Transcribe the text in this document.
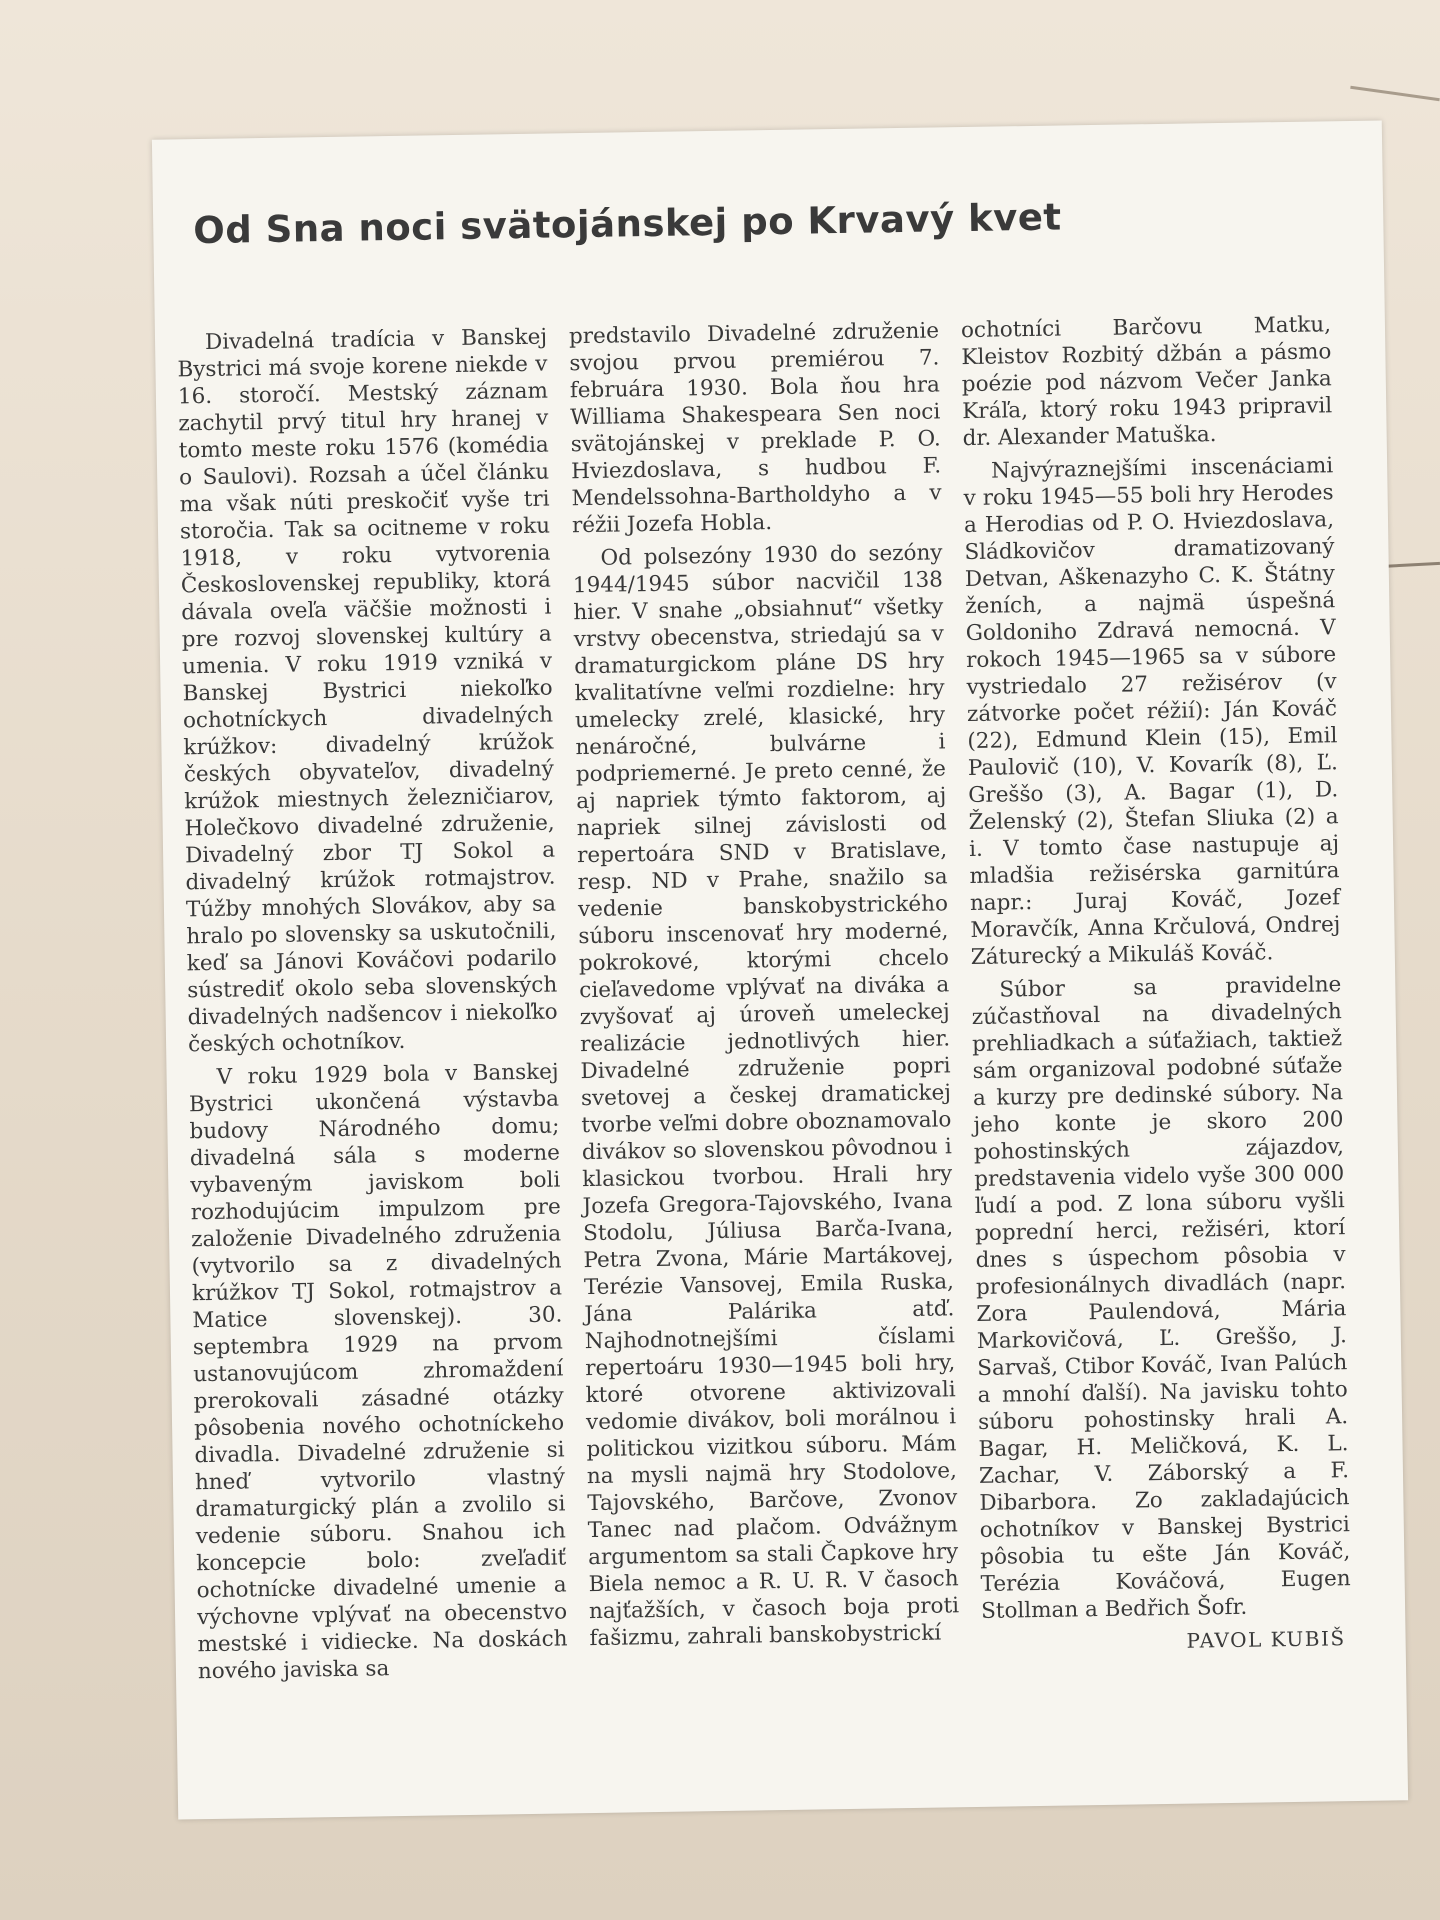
Od Sna noci svätojánskej po Krvavý kvet

Divadelná tradícia v Banskej Bystrici má svoje korene niekde v 16. storočí. Mestský záznam zachytil prvý titul hry hranej v tomto meste roku 1576 (komédia o Saulovi). Rozsah a účel článku ma však núti preskočiť vyše tri storočia. Tak sa ocitneme v roku 1918, v roku vytvorenia Československej republiky, ktorá dávala oveľa väčšie možnosti i pre rozvoj slovenskej kultúry a umenia. V roku 1919 vzniká v Banskej Bystrici niekoľko ochotníckych divadelných krúžkov: divadelný krúžok českých obyvateľov, divadelný krúžok miestnych železničiarov, Holečkovo divadelné združenie, Divadelný zbor TJ Sokol a divadelný krúžok rotmajstrov. Túžby mnohých Slovákov, aby sa hralo po slovensky sa uskutočnili, keď sa Jánovi Kováčovi podarilo sústrediť okolo seba slovenských divadelných nadšencov i niekoľko českých ochotníkov.

V roku 1929 bola v Banskej Bystrici ukončená výstavba budovy Národného domu; divadelná sála s moderne vybaveným javiskom boli rozhodujúcim impulzom pre založenie Divadelného združenia (vytvorilo sa z divadelných krúžkov TJ Sokol, rotmajstrov a Matice slovenskej). 30. septembra 1929 na prvom ustanovujúcom zhromaždení prerokovali zásadné otázky pôsobenia nového ochotníckeho divadla. Divadelné združenie si hneď vytvorilo vlastný dramaturgický plán a zvolilo si vedenie súboru. Snahou ich koncepcie bolo: zveľadiť ochotnícke divadelné umenie a výchovne vplývať na obecenstvo mestské i vidiecke. Na doskách nového javiska sa

predstavilo Divadelné združenie svojou prvou premiérou 7. februára 1930. Bola ňou hra Williama Shakespeara Sen noci svätojánskej v preklade P. O. Hviezdoslava, s hudbou F. Mendelssohna-Bartholdyho a v réžii Jozefa Hobla.

Od polsezóny 1930 do sezóny 1944/1945 súbor nacvičil 138 hier. V snahe „obsiahnuť“ všetky vrstvy obecenstva, striedajú sa v dramaturgickom pláne DS hry kvalitatívne veľmi rozdielne: hry umelecky zrelé, klasické, hry nenáročné, bulvárne i podpriemerné. Je preto cenné, že aj napriek týmto faktorom, aj napriek silnej závislosti od repertoára SND v Bratislave, resp. ND v Prahe, snažilo sa vedenie banskobystrického súboru inscenovať hry moderné, pokrokové, ktorými chcelo cieľavedome vplývať na diváka a zvyšovať aj úroveň umeleckej realizácie jednotlivých hier. Divadelné združenie popri svetovej a českej dramatickej tvorbe veľmi dobre oboznamovalo divákov so slovenskou pôvodnou i klasickou tvorbou. Hrali hry Jozefa Gregora-Tajovského, Ivana Stodolu, Júliusa Barča-Ivana, Petra Zvona, Márie Martákovej, Terézie Vansovej, Emila Ruska, Jána Palárika atď. Najhodnotnejšími číslami repertoáru 1930—1945 boli hry, ktoré otvorene aktivizovali vedomie divákov, boli morálnou i politickou vizitkou súboru. Mám na mysli najmä hry Stodolove, Tajovského, Barčove, Zvonov Tanec nad plačom. Odvážnym argumentom sa stali Čapkove hry Biela nemoc a R. U. R. V časoch najťažších, v časoch boja proti fašizmu, zahrali banskobystrickí

ochotníci Barčovu Matku, Kleistov Rozbitý džbán a pásmo poézie pod názvom Večer Janka Kráľa, ktorý roku 1943 pripravil dr. Alexander Matuška.

Najvýraznejšími inscenáciami v roku 1945—55 boli hry Herodes a Herodias od P. O. Hviezdoslava, Sládkovičov dramatizovaný Detvan, Aškenazyho C. K. Štátny ženích, a najmä úspešná Goldoniho Zdravá nemocná. V rokoch 1945—1965 sa v súbore vystriedalo 27 režisérov (v zátvorke počet réžií): Ján Kováč (22), Edmund Klein (15), Emil Paulovič (10), V. Kovarík (8), Ľ. Greššo (3), A. Bagar (1), D. Želenský (2), Štefan Sliuka (2) a i. V tomto čase nastupuje aj mladšia režisérska garnitúra napr.: Juraj Kováč, Jozef Moravčík, Anna Krčulová, Ondrej Záturecký a Mikuláš Kováč.

Súbor sa pravidelne zúčastňoval na divadelných prehliadkach a súťažiach, taktiež sám organizoval podobné súťaže a kurzy pre dedinské súbory. Na jeho konte je skoro 200 pohostinských zájazdov, predstavenia videlo vyše 300 000 ľudí a pod. Z lona súboru vyšli poprední herci, režiséri, ktorí dnes s úspechom pôsobia v profesionálnych divadlách (napr. Zora Paulendová, Mária Markovičová, Ľ. Greššo, J. Sarvaš, Ctibor Kováč, Ivan Palúch a mnohí ďalší). Na javisku tohto súboru pohostinsky hrali A. Bagar, H. Meličková, K. L. Zachar, V. Záborský a F. Dibarbora. Zo zakladajúcich ochotníkov v Banskej Bystrici pôsobia tu ešte Ján Kováč, Terézia Kováčová, Eugen Stollman a Bedřich Šofr.

PAVOL KUBIŠ
